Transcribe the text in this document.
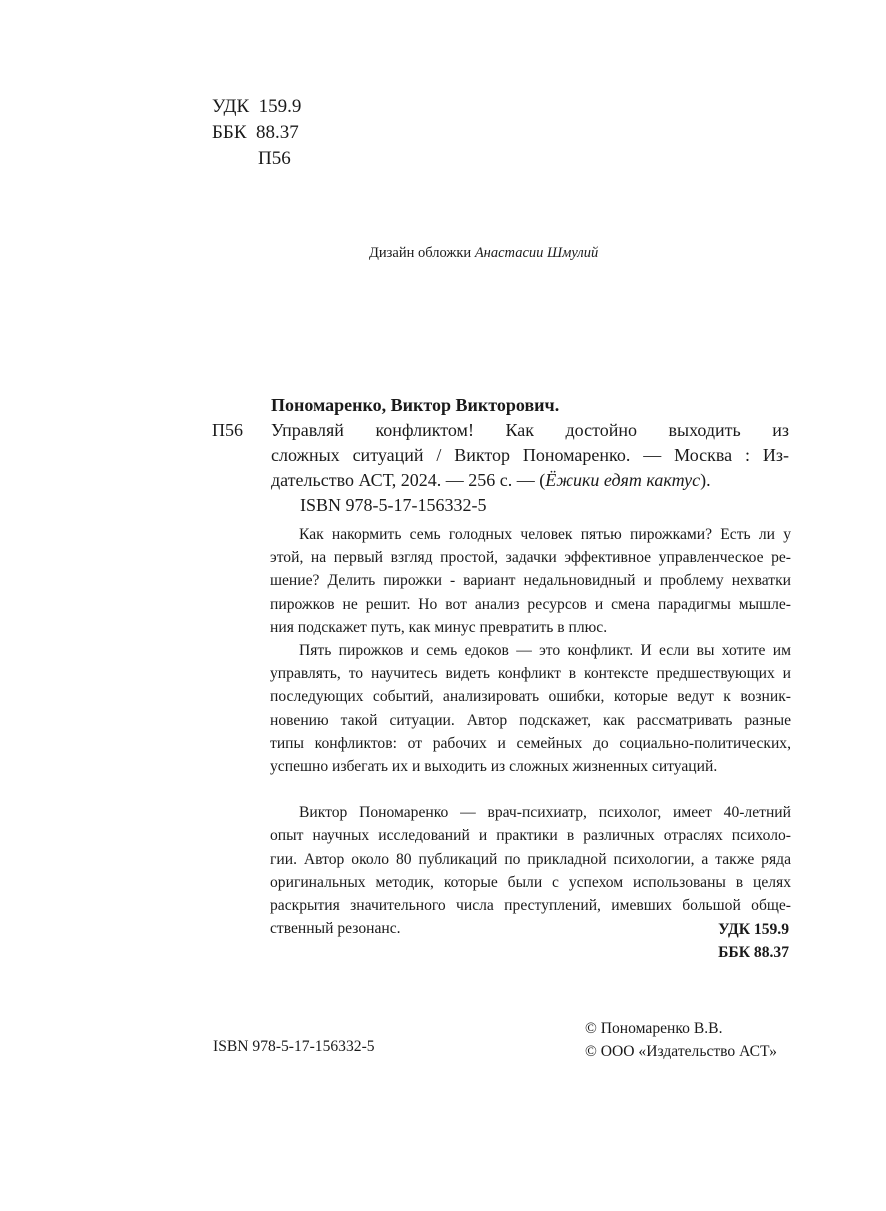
УДК 159.9
ББК 88.37
П56
Дизайн обложки Анастасии Шмулий
Пономаренко, Виктор Викторович.
П56 Управляй конфликтом! Как достойно выходить из
сложных ситуаций / Виктор Пономаренко. — Москва : Из-
дательство АСТ, 2024. — 256 с. — (Ёжики едят кактус).
ISBN 978-5-17-156332-5
Как накормить семь голодных человек пятью пирожками? Есть ли у
этой, на первый взгляд простой, задачки эффективное управленческое ре-
шение? Делить пирожки - вариант недальновидный и проблему нехватки
пирожков не решит. Но вот анализ ресурсов и смена парадигмы мышле-
ния подскажет путь, как минус превратить в плюс.
Пять пирожков и семь едоков — это конфликт. И если вы хотите им
управлять, то научитесь видеть конфликт в контексте предшествующих и
последующих событий, анализировать ошибки, которые ведут к возник-
новению такой ситуации. Автор подскажет, как рассматривать разные
типы конфликтов: от рабочих и семейных до социально-политических,
успешно избегать их и выходить из сложных жизненных ситуаций.
Виктор Пономаренко — врач-психиатр, психолог, имеет 40-летний
опыт научных исследований и практики в различных отраслях психоло-
гии. Автор около 80 публикаций по прикладной психологии, а также ряда
оригинальных методик, которые были с успехом использованы в целях
раскрытия значительного числа преступлений, имевших большой обще-
ственный резонанс.	УДК 159.9
ББК 88.37
ISBN 978-5-17-156332-5
© Пономаренко В.В.
© ООО «Издательство АСТ»
